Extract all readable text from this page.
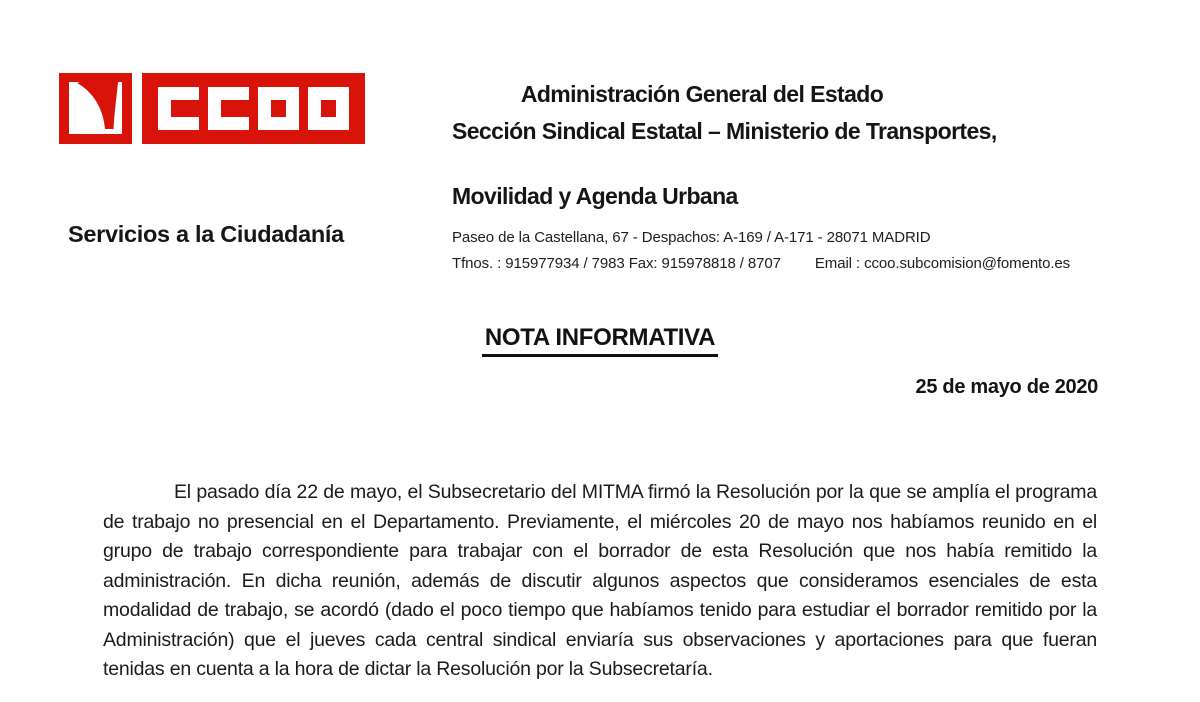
Servicios a la Ciudadanía
Administración General del Estado
Sección Sindical Estatal – Ministerio de Transportes,
Movilidad y Agenda Urbana
Paseo de la Castellana, 67 - Despachos: A-169 / A-171 - 28071 MADRID
Tfnos. : 915977934 / 7983 Fax: 915978818 / 8707 Email : ccoo.subcomision@fomento.es
NOTA INFORMATIVA
25 de mayo de 2020

El pasado día 22 de mayo, el Subsecretario del MITMA firmó la Resolución por la que se amplía el programa de trabajo no presencial en el Departamento. Previamente, el miércoles 20 de mayo nos habíamos reunido en el grupo de trabajo correspondiente para trabajar con el borrador de esta Resolución que nos había remitido la administración. En dicha reunión, además de discutir algunos aspectos que consideramos esenciales de esta modalidad de trabajo, se acordó (dado el poco tiempo que habíamos tenido para estudiar el borrador remitido por la Administración) que el jueves cada central sindical enviaría sus observaciones y aportaciones para que fueran tenidas en cuenta a la hora de dictar la Resolución por la Subsecretaría.
